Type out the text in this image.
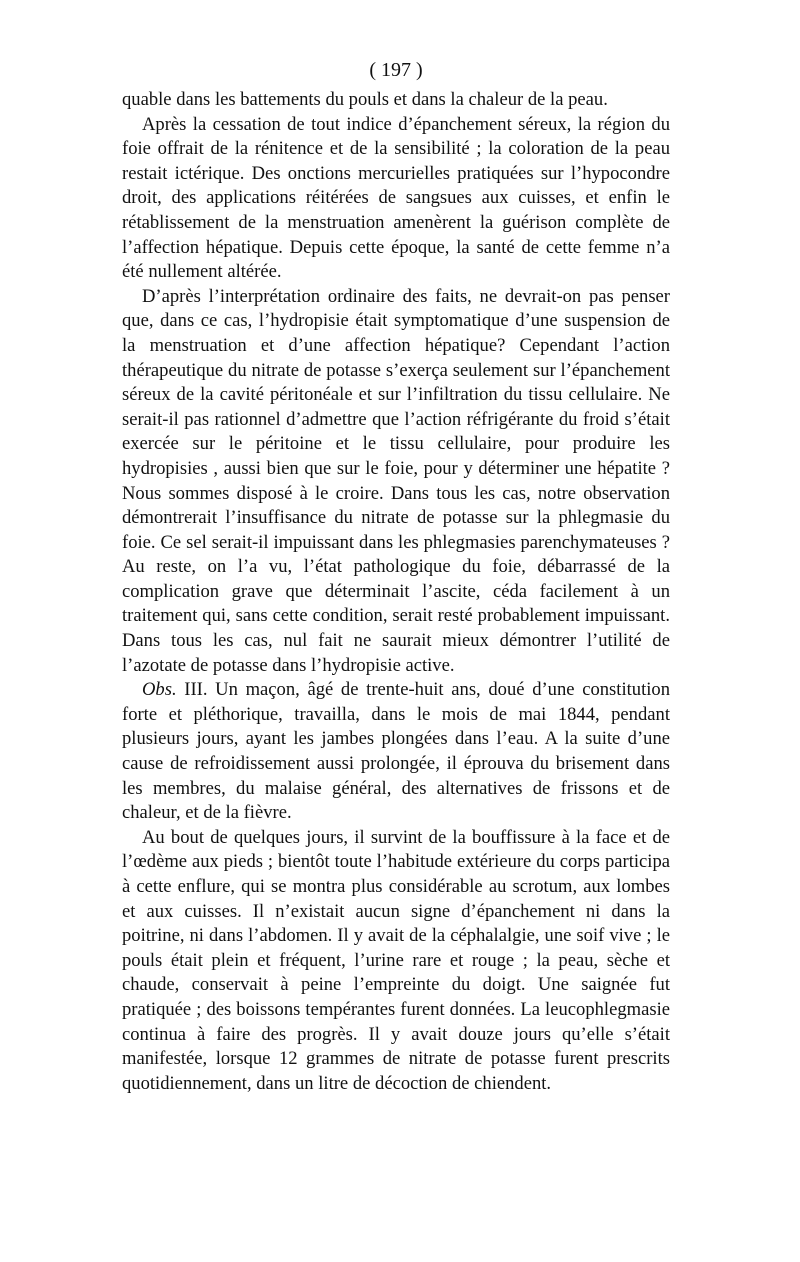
( 197 )

quable dans les battements du pouls et dans la chaleur de la peau.

Après la cessation de tout indice d’épanchement séreux, la région du foie offrait de la rénitence et de la sensibilité ; la coloration de la peau restait ictérique. Des onctions mercurielles pratiquées sur l’hypocondre droit, des applications réitérées de sangsues aux cuisses, et enfin le rétablissement de la menstruation amenèrent la guérison complète de l’affection hépatique. Depuis cette époque, la santé de cette femme n’a été nullement altérée.

D’après l’interprétation ordinaire des faits, ne devrait-on pas penser que, dans ce cas, l’hydropisie était symptomatique d’une suspension de la menstruation et d’une affection hépatique? Cependant l’action thérapeutique du nitrate de potasse s’exerça seulement sur l’épanchement séreux de la cavité péritonéale et sur l’infiltration du tissu cellulaire. Ne serait-il pas rationnel d’admettre que l’action réfrigérante du froid s’était exercée sur le péritoine et le tissu cellulaire, pour produire les hydropisies , aussi bien que sur le foie, pour y déterminer une hépatite ? Nous sommes disposé à le croire. Dans tous les cas, notre observation démontrerait l’insuffisance du nitrate de potasse sur la phlegmasie du foie. Ce sel serait-il impuissant dans les phlegmasies parenchymateuses ? Au reste, on l’a vu, l’état pathologique du foie, débarrassé de la complication grave que déterminait l’ascite, céda facilement à un traitement qui, sans cette condition, serait resté probablement impuissant. Dans tous les cas, nul fait ne saurait mieux démontrer l’utilité de l’azotate de potasse dans l’hydropisie active.

Obs. III. Un maçon, âgé de trente-huit ans, doué d’une constitution forte et pléthorique, travailla, dans le mois de mai 1844, pendant plusieurs jours, ayant les jambes plongées dans l’eau. A la suite d’une cause de refroidissement aussi prolongée, il éprouva du brisement dans les membres, du malaise général, des alternatives de frissons et de chaleur, et de la fièvre.

Au bout de quelques jours, il survint de la bouffissure à la face et de l’œdème aux pieds ; bientôt toute l’habitude extérieure du corps participa à cette enflure, qui se montra plus considérable au scrotum, aux lombes et aux cuisses. Il n’existait aucun signe d’épanchement ni dans la poitrine, ni dans l’abdomen. Il y avait de la céphalalgie, une soif vive ; le pouls était plein et fréquent, l’urine rare et rouge ; la peau, sèche et chaude, conservait à peine l’empreinte du doigt. Une saignée fut pratiquée ; des boissons tempérantes furent données. La leucophlegmasie continua à faire des progrès. Il y avait douze jours qu’elle s’était manifestée, lorsque 12 grammes de nitrate de potasse furent prescrits quotidiennement, dans un litre de décoction de chiendent.
